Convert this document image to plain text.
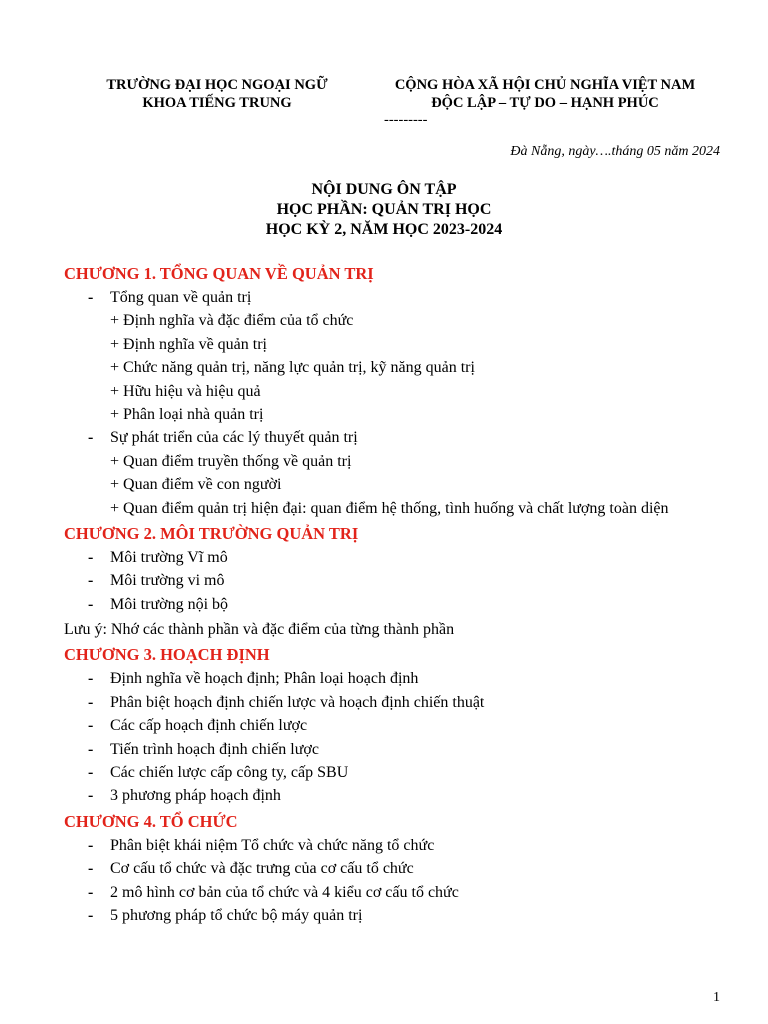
TRƯỜNG ĐẠI HỌC NGOẠI NGỮ
KHOA TIẾNG TRUNG
CỘNG HÒA XÃ HỘI CHỦ NGHĨA VIỆT NAM
ĐỘC LẬP – TỰ DO – HẠNH PHÚC
---------
Đà Nẵng, ngày….tháng 05 năm 2024
NỘI DUNG ÔN TẬP
HỌC PHẦN: QUẢN TRỊ HỌC
HỌC KỲ 2, NĂM HỌC 2023-2024

CHƯƠNG 1. TỔNG QUAN VỀ QUẢN TRỊ

-	Tổng quan về quản trị
+ Định nghĩa và đặc điểm của tổ chức
+ Định nghĩa về quản trị
+ Chức năng quản trị, năng lực quản trị, kỹ năng quản trị
+ Hữu hiệu và hiệu quả
+ Phân loại nhà quản trị
-	Sự phát triển của các lý thuyết quản trị
+ Quan điểm truyền thống về quản trị
+ Quan điểm về con người
+ Quan điểm quản trị hiện đại: quan điểm hệ thống, tình huống và chất lượng toàn diện

CHƯƠNG 2. MÔI TRƯỜNG QUẢN TRỊ

-	Môi trường Vĩ mô
-	Môi trường vi mô
-	Môi trường nội bộ
Lưu ý: Nhớ các thành phần và đặc điểm của từng thành phần

CHƯƠNG 3. HOẠCH ĐỊNH

-	Định nghĩa về hoạch định; Phân loại hoạch định
-	Phân biệt hoạch định chiến lược và hoạch định chiến thuật
-	Các cấp hoạch định chiến lược
-	Tiến trình hoạch định chiến lược
-	Các chiến lược cấp công ty, cấp SBU
-	3 phương pháp hoạch định

CHƯƠNG 4. TỔ CHỨC

-	Phân biệt khái niệm Tổ chức và chức năng tổ chức
-	Cơ cấu tổ chức và đặc trưng của cơ cấu tổ chức
-	2 mô hình cơ bản của tổ chức và 4 kiểu cơ cấu tổ chức
-	5 phương pháp tổ chức bộ máy quản trị
1
